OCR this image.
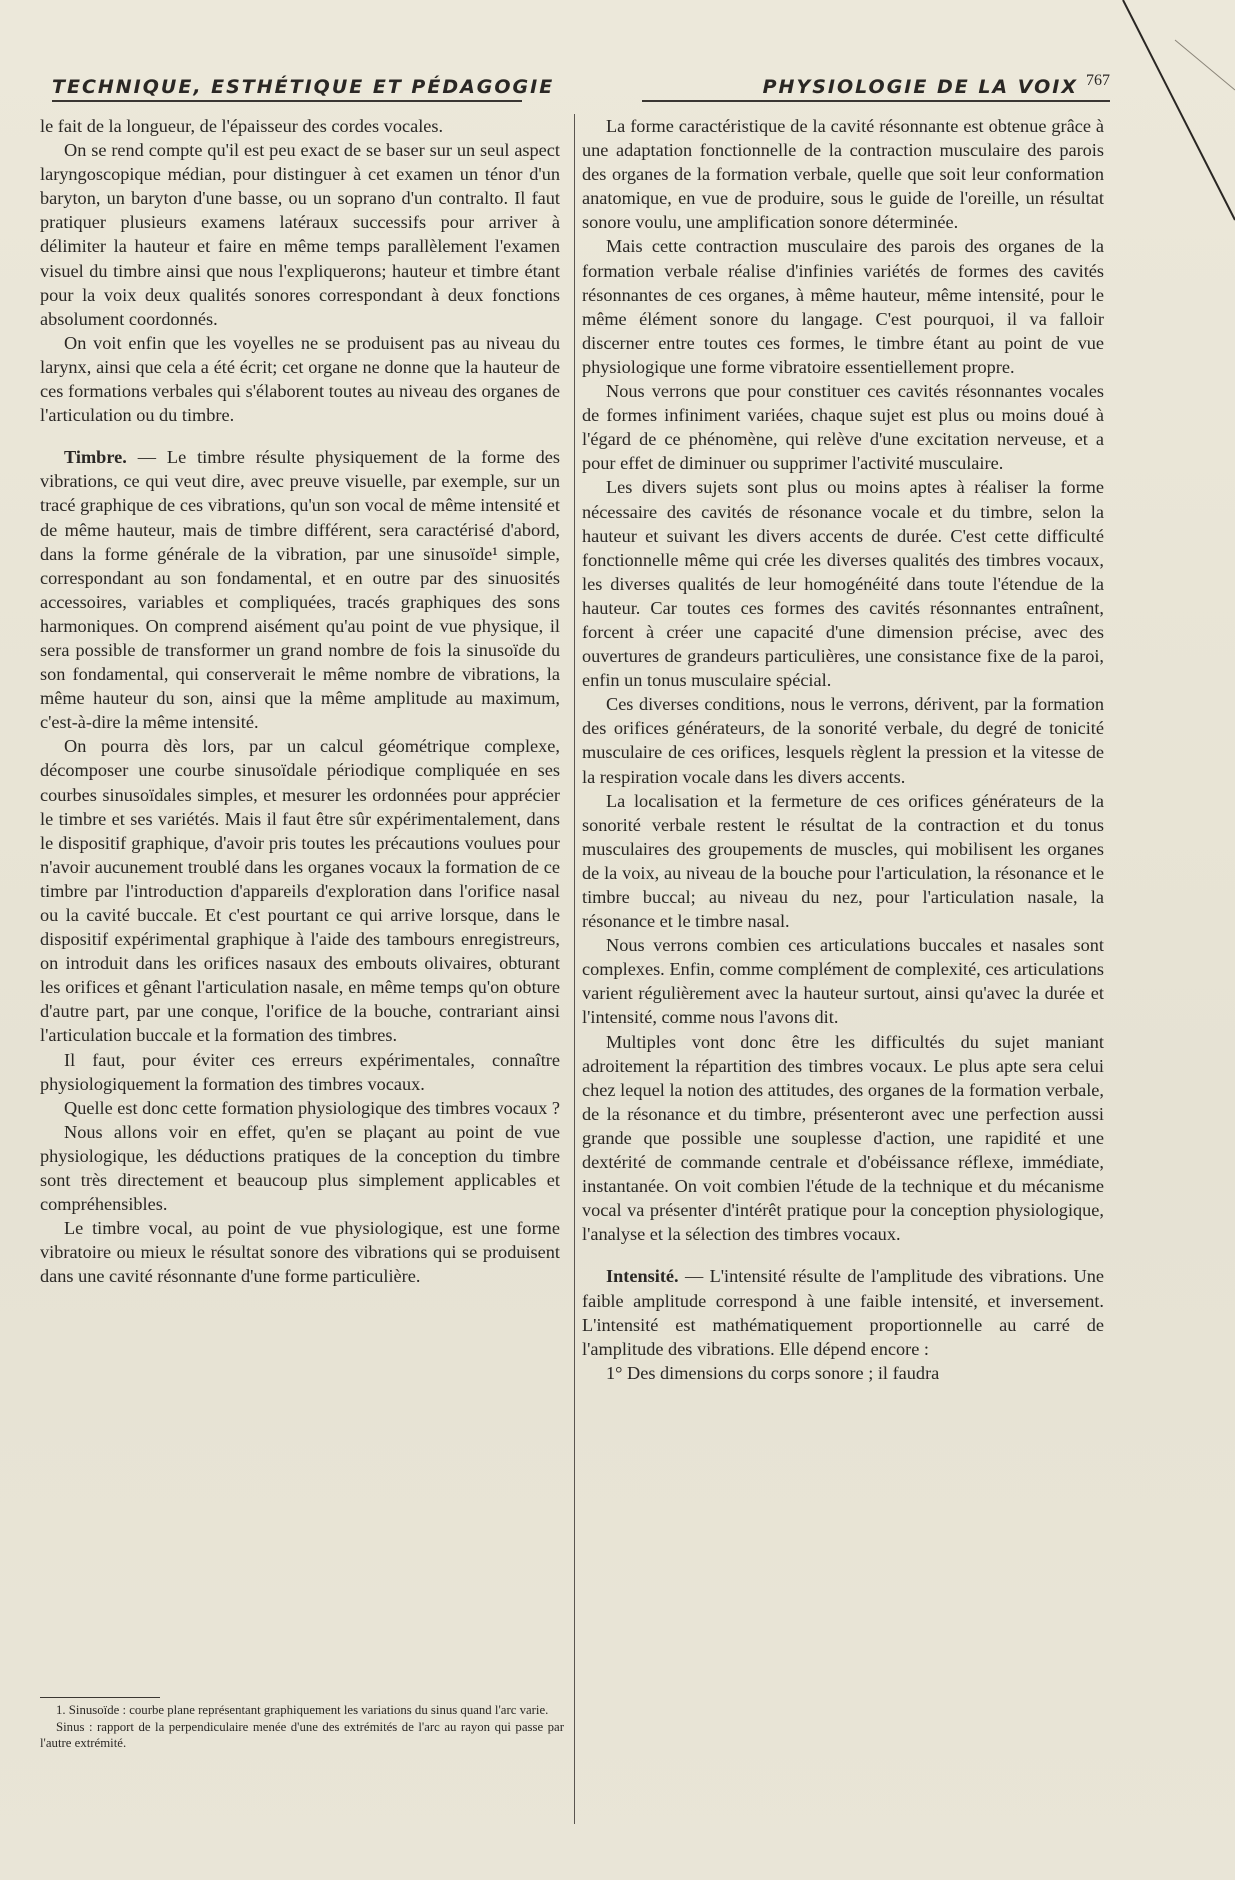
TECHNIQUE, ESTHÉTIQUE ET PÉDAGOGIE	PHYSIOLOGIE DE LA VOIX 767

le fait de la longueur, de l'épaisseur des cordes vocales.

On se rend compte qu'il est peu exact de se baser sur un seul aspect laryngoscopique médian, pour distinguer à cet examen un ténor d'un baryton, un baryton d'une basse, ou un soprano d'un contralto. Il faut pratiquer plusieurs examens latéraux successifs pour arriver à délimiter la hauteur et faire en même temps parallèlement l'examen visuel du timbre ainsi que nous l'expliquerons; hauteur et timbre étant pour la voix deux qualités sonores correspondant à deux fonctions absolument coordonnés.

On voit enfin que les voyelles ne se produisent pas au niveau du larynx, ainsi que cela a été écrit; cet organe ne donne que la hauteur de ces formations verbales qui s'élaborent toutes au niveau des organes de l'articulation ou du timbre.

Timbre. — Le timbre résulte physiquement de la forme des vibrations, ce qui veut dire, avec preuve visuelle, par exemple, sur un tracé graphique de ces vibrations, qu'un son vocal de même intensité et de même hauteur, mais de timbre différent, sera caractérisé d'abord, dans la forme générale de la vibration, par une sinusoïde¹ simple, correspondant au son fondamental, et en outre par des sinuosités accessoires, variables et compliquées, tracés graphiques des sons harmoniques. On comprend aisément qu'au point de vue physique, il sera possible de transformer un grand nombre de fois la sinusoïde du son fondamental, qui conserverait le même nombre de vibrations, la même hauteur du son, ainsi que la même amplitude au maximum, c'est-à-dire la même intensité.

On pourra dès lors, par un calcul géométrique complexe, décomposer une courbe sinusoïdale périodique compliquée en ses courbes sinusoïdales simples, et mesurer les ordonnées pour apprécier le timbre et ses variétés. Mais il faut être sûr expérimentalement, dans le dispositif graphique, d'avoir pris toutes les précautions voulues pour n'avoir aucunement troublé dans les organes vocaux la formation de ce timbre par l'introduction d'appareils d'exploration dans l'orifice nasal ou la cavité buccale. Et c'est pourtant ce qui arrive lorsque, dans le dispositif expérimental graphique à l'aide des tambours enregistreurs, on introduit dans les orifices nasaux des embouts olivaires, obturant les orifices et gênant l'articulation nasale, en même temps qu'on obture d'autre part, par une conque, l'orifice de la bouche, contrariant ainsi l'articulation buccale et la formation des timbres.

Il faut, pour éviter ces erreurs expérimentales, connaître physiologiquement la formation des timbres vocaux.

Quelle est donc cette formation physiologique des timbres vocaux ?

Nous allons voir en effet, qu'en se plaçant au point de vue physiologique, les déductions pratiques de la conception du timbre sont très directement et beaucoup plus simplement applicables et compréhensibles.

Le timbre vocal, au point de vue physiologique, est une forme vibratoire ou mieux le résultat sonore des vibrations qui se produisent dans une cavité résonnante d'une forme particulière.

La forme caractéristique de la cavité résonnante est obtenue grâce à une adaptation fonctionnelle de la contraction musculaire des parois des organes de la formation verbale, quelle que soit leur conformation anatomique, en vue de produire, sous le guide de l'oreille, un résultat sonore voulu, une amplification sonore déterminée.

Mais cette contraction musculaire des parois des organes de la formation verbale réalise d'infinies variétés de formes des cavités résonnantes de ces organes, à même hauteur, même intensité, pour le même élément sonore du langage. C'est pourquoi, il va falloir discerner entre toutes ces formes, le timbre étant au point de vue physiologique une forme vibratoire essentiellement propre.

Nous verrons que pour constituer ces cavités résonnantes vocales de formes infiniment variées, chaque sujet est plus ou moins doué à l'égard de ce phénomène, qui relève d'une excitation nerveuse, et a pour effet de diminuer ou supprimer l'activité musculaire.

Les divers sujets sont plus ou moins aptes à réaliser la forme nécessaire des cavités de résonance vocale et du timbre, selon la hauteur et suivant les divers accents de durée. C'est cette difficulté fonctionnelle même qui crée les diverses qualités des timbres vocaux, les diverses qualités de leur homogénéité dans toute l'étendue de la hauteur. Car toutes ces formes des cavités résonnantes entraînent, forcent à créer une capacité d'une dimension précise, avec des ouvertures de grandeurs particulières, une consistance fixe de la paroi, enfin un tonus musculaire spécial.

Ces diverses conditions, nous le verrons, dérivent, par la formation des orifices générateurs, de la sonorité verbale, du degré de tonicité musculaire de ces orifices, lesquels règlent la pression et la vitesse de la respiration vocale dans les divers accents.

La localisation et la fermeture de ces orifices générateurs de la sonorité verbale restent le résultat de la contraction et du tonus musculaires des groupements de muscles, qui mobilisent les organes de la voix, au niveau de la bouche pour l'articulation, la résonance et le timbre buccal; au niveau du nez, pour l'articulation nasale, la résonance et le timbre nasal.

Nous verrons combien ces articulations buccales et nasales sont complexes. Enfin, comme complément de complexité, ces articulations varient régulièrement avec la hauteur surtout, ainsi qu'avec la durée et l'intensité, comme nous l'avons dit.

Multiples vont donc être les difficultés du sujet maniant adroitement la répartition des timbres vocaux. Le plus apte sera celui chez lequel la notion des attitudes, des organes de la formation verbale, de la résonance et du timbre, présenteront avec une perfection aussi grande que possible une souplesse d'action, une rapidité et une dextérité de commande centrale et d'obéissance réflexe, immédiate, instantanée. On voit combien l'étude de la technique et du mécanisme vocal va présenter d'intérêt pratique pour la conception physiologique, l'analyse et la sélection des timbres vocaux.

Intensité. — L'intensité résulte de l'amplitude des vibrations. Une faible amplitude correspond à une faible intensité, et inversement. L'intensité est mathématiquement proportionnelle au carré de l'amplitude des vibrations. Elle dépend encore :

1° Des dimensions du corps sonore ; il faudra

1. Sinusoïde : courbe plane représentant graphiquement les variations du sinus quand l'arc varie.

Sinus : rapport de la perpendiculaire menée d'une des extrémités de l'arc au rayon qui passe par l'autre extrémité.
